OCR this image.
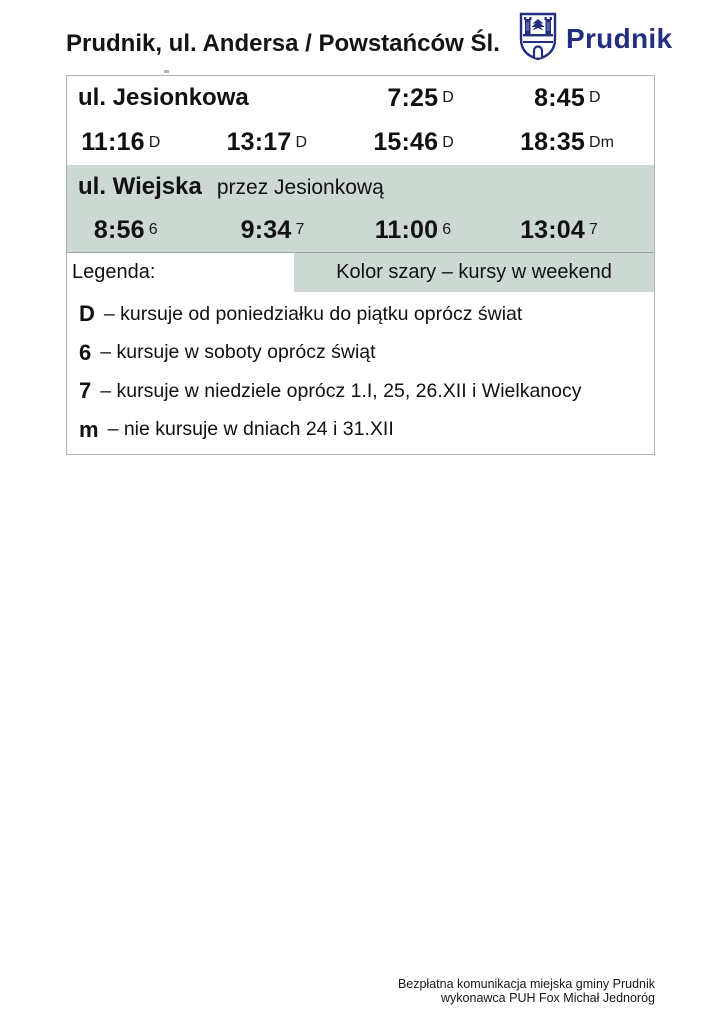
Prudnik, ul. Andersa / Powstańców Śl. Prudnik
ul. Jesionkowa	7:25 D	8:45 D
11:16 D	13:17 D	15:46 D	18:35 Dm
ul. Wiejska przez Jesionkową
8:56 6	9:34 7	11:00 6	13:04 7
Legenda:	Kolor szary – kursy w weekend
D – kursuje od poniedziałku do piątku oprócz świat
6 – kursuje w soboty oprócz świąt
7 – kursuje w niedziele oprócz 1.I, 25, 26.XII i Wielkanocy
m – nie kursuje w dniach 24 i 31.XII
Bezpłatna komunikacja miejska gminy Prudnik
wykonawca PUH Fox Michał Jednoróg
